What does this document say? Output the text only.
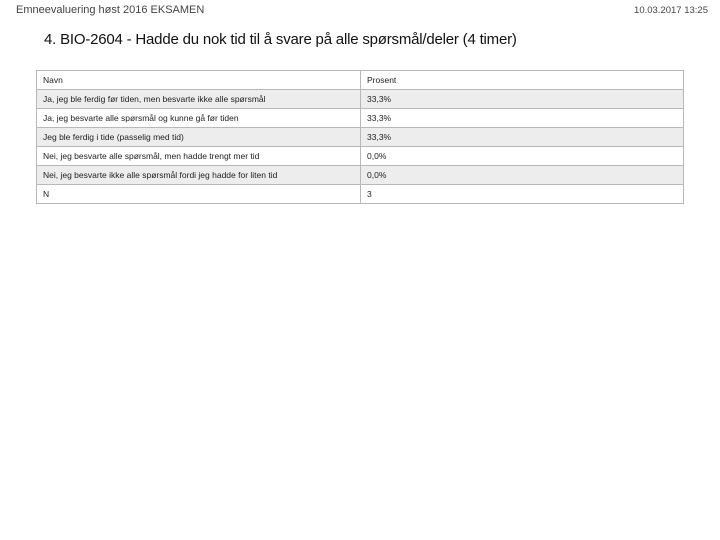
Emneevaluering høst 2016 EKSAMEN	10.03.2017 13:25
4. BIO-2604 - Hadde du nok tid til å svare på alle spørsmål/deler (4 timer)
Navn	Prosent
Ja, jeg ble ferdig før tiden, men besvarte ikke alle spørsmål	33,3%
Ja, jeg besvarte alle spørsmål og kunne gå før tiden	33,3%
Jeg ble ferdig i tide (passelig med tid)	33,3%
Nei, jeg besvarte alle spørsmål, men hadde trengt mer tid	0,0%
Nei, jeg besvarte ikke alle spørsmål fordi jeg hadde for liten tid	0,0%
N	3
